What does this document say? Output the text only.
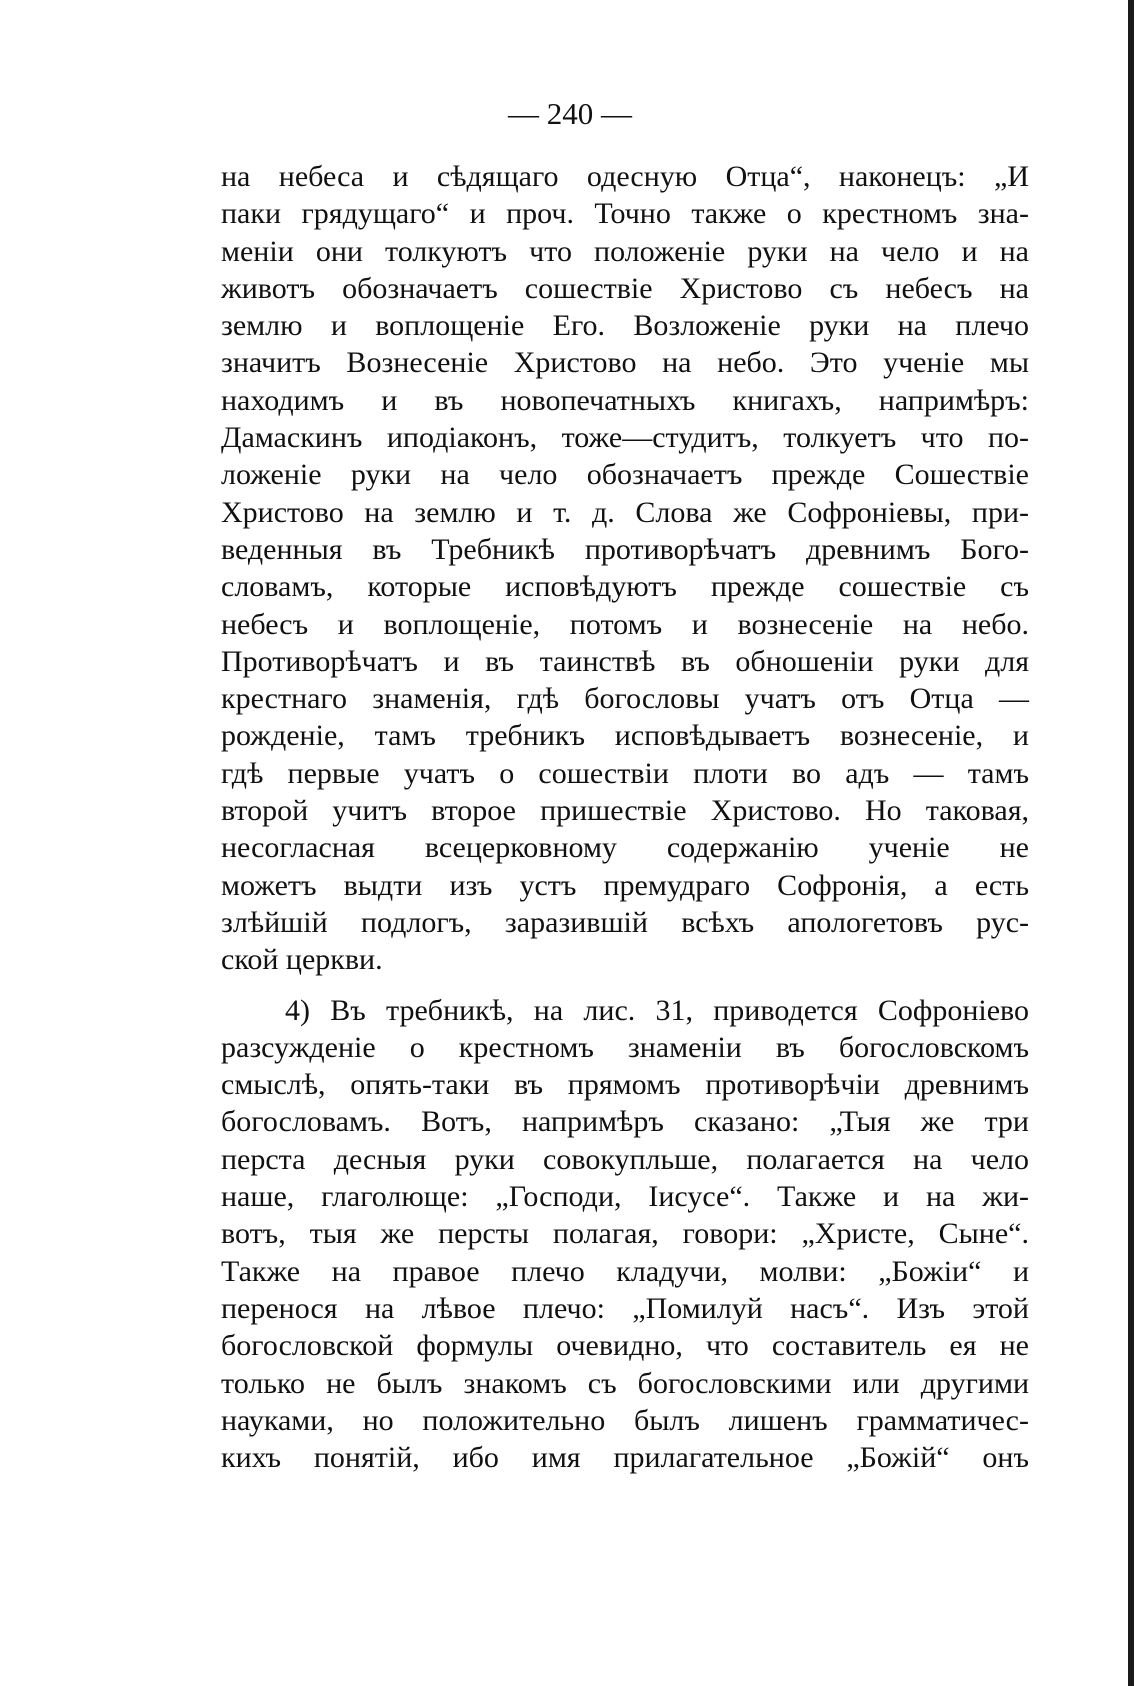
— 240 —
на небеса и сѣдящаго одесную Отца“, наконецъ: „И
паки грядущаго“ и проч. Точно также о крестномъ зна-
меніи они толкуютъ что положеніе руки на чело и на
животъ обозначаетъ сошествіе Христово съ небесъ на
землю и воплощеніе Его. Возложеніе руки на плечо
значитъ Вознесеніе Христово на небо. Это ученіе мы
находимъ и въ новопечатныхъ книгахъ, напримѣръ:
Дамаскинъ иподіаконъ, тоже—студитъ, толкуетъ что по-
ложеніе руки на чело обозначаетъ прежде Сошествіе
Христово на землю и т. д. Слова же Софроніевы, при-
веденныя въ Требникѣ противорѣчатъ древнимъ Бого-
словамъ, которые исповѣдуютъ прежде сошествіе съ
небесъ и воплощеніе, потомъ и вознесеніе на небо.
Противорѣчатъ и въ таинствѣ въ обношеніи руки для
крестнаго знаменія, гдѣ богословы учатъ отъ Отца —
рожденіе, тамъ требникъ исповѣдываетъ вознесеніе, и
гдѣ первые учатъ о сошествіи плоти во адъ — тамъ
второй учитъ второе пришествіе Христово. Но таковая,
несогласная всецерковному содержанію ученіе не
можетъ выдти изъ устъ премудраго Софронія, а есть
злѣйшій подлогъ, заразившій всѣхъ апологетовъ рус-
ской церкви.
4) Въ требникѣ, на лис. 31, приводется Софроніево
разсужденіе о крестномъ знаменіи въ богословскомъ
смыслѣ, опять-таки въ прямомъ противорѣчіи древнимъ
богословамъ. Вотъ, напримѣръ сказано: „Тыя же три
перста десныя руки совокупльше, полагается на чело
наше, глаголюще: „Господи, Іисусе“. Также и на жи-
вотъ, тыя же персты полагая, говори: „Христе, Сыне“.
Также на правое плечо кладучи, молви: „Божіи“ и
перенося на лѣвое плечо: „Помилуй насъ“. Изъ этой
богословской формулы очевидно, что составитель ея не
только не былъ знакомъ съ богословскими или другими
науками, но положительно былъ лишенъ грамматичес-
кихъ понятій, ибо имя прилагательное „Божій“ онъ
